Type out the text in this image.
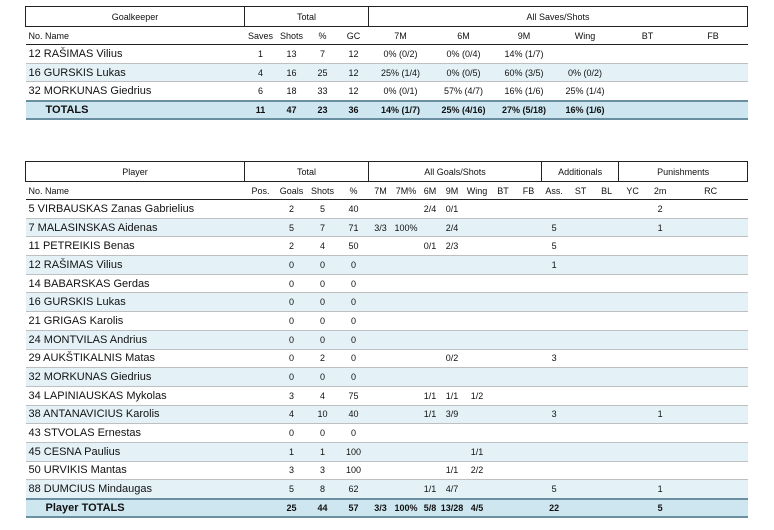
Goalkeeper	Total				All Saves/Shots					
No. Name	Saves	Shots	%	GC	7M	6M	9M	Wing	BT	FB
12 RAŠIMAS Vilius	1	13	7	12	0% (0/2)	0% (0/4)	14% (1/7)			
16 GURSKIS Lukas	4	16	25	12	25% (1/4)	0% (0/5)	60% (3/5)	0% (0/2)		
32 MORKUNAS Giedrius	6	18	33	12	0% (0/1)	57% (4/7)	16% (1/6)	25% (1/4)		
TOTALS	11	47	23	36	14% (1/7)	25% (4/16)	27% (5/18)	16% (1/6)		
Player	Total				All Goals/Shots							Additionals			Punishments		
No. Name	Pos.	Goals	Shots	%	7M	7M%	6M	9M	Wing	BT	FB	Ass.	ST	BL	YC	2m	RC
5 VIRBAUSKAS Zanas Gabrielius		2	5	40			2/4	0/1								2	
7 MALASINSKAS Aidenas		5	7	71	3/3	100%		2/4				5				1	
11 PETREIKIS Benas		2	4	50			0/1	2/3				5					
12 RAŠIMAS Vilius		0	0	0								1					
14 BABARSKAS Gerdas		0	0	0													
16 GURSKIS Lukas		0	0	0													
21 GRIGAS Karolis		0	0	0													
24 MONTVILAS Andrius		0	0	0													
29 AUKŠTIKALNIS Matas		0	2	0				0/2				3					
32 MORKUNAS Giedrius		0	0	0													
34 LAPINIAUSKAS Mykolas		3	4	75			1/1	1/1	1/2								
38 ANTANAVICIUS Karolis		4	10	40			1/1	3/9				3				1	
43 STVOLAS Ernestas		0	0	0													
45 CESNA Paulius		1	1	100					1/1								
50 URVIKIS Mantas		3	3	100				1/1	2/2								
88 DUMCIUS Mindaugas		5	8	62			1/1	4/7				5				1	
Player TOTALS		25	44	57	3/3	100%	5/8	13/28	4/5			22				5	
